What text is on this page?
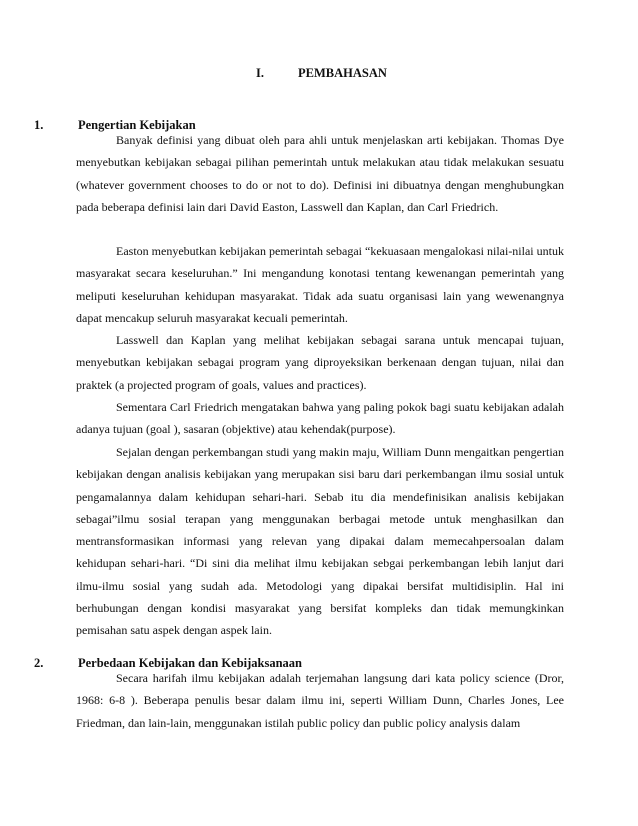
I.	PEMBAHASAN
1.	Pengertian Kebijakan

Banyak definisi yang dibuat oleh para ahli untuk menjelaskan arti kebijakan. Thomas Dye menyebutkan kebijakan sebagai pilihan pemerintah untuk melakukan atau tidak melakukan sesuatu (whatever government chooses to do or not to do). Definisi ini dibuatnya dengan menghubungkan pada beberapa definisi lain dari David Easton, Lasswell dan Kaplan, dan Carl Friedrich.

Easton menyebutkan kebijakan pemerintah sebagai “kekuasaan mengalokasi nilai-nilai untuk masyarakat secara keseluruhan.” Ini mengandung konotasi tentang kewenangan pemerintah yang meliputi keseluruhan kehidupan masyarakat. Tidak ada suatu organisasi lain yang wewenangnya dapat mencakup seluruh masyarakat kecuali pemerintah.

Lasswell dan Kaplan yang melihat kebijakan sebagai sarana untuk mencapai tujuan, menyebutkan kebijakan sebagai program yang diproyeksikan berkenaan dengan tujuan, nilai dan praktek (a projected program of goals, values and practices).

Sementara Carl Friedrich mengatakan bahwa yang paling pokok bagi suatu kebijakan adalah adanya tujuan (goal ), sasaran (objektive) atau kehendak(purpose).

Sejalan dengan perkembangan studi yang makin maju, William Dunn mengaitkan pengertian kebijakan dengan analisis kebijakan yang merupakan sisi baru dari perkembangan ilmu sosial untuk pengamalannya dalam kehidupan sehari-hari. Sebab itu dia mendefinisikan analisis kebijakan sebagai”ilmu sosial terapan yang menggunakan berbagai metode untuk menghasilkan dan mentransformasikan informasi yang relevan yang dipakai dalam memecahpersoalan dalam kehidupan sehari-hari. “Di sini dia melihat ilmu kebijakan sebgai perkembangan lebih lanjut dari ilmu-ilmu sosial yang sudah ada. Metodologi yang dipakai bersifat multidisiplin. Hal ini berhubungan dengan kondisi masyarakat yang bersifat kompleks dan tidak memungkinkan pemisahan satu aspek dengan aspek lain.

2.	Perbedaan Kebijakan dan Kebijaksanaan

Secara harifah ilmu kebijakan adalah terjemahan langsung dari kata policy science (Dror, 1968: 6-8 ). Beberapa penulis besar dalam ilmu ini, seperti William Dunn, Charles Jones, Lee Friedman, dan lain-lain, menggunakan istilah public policy dan public policy analysis dalam
